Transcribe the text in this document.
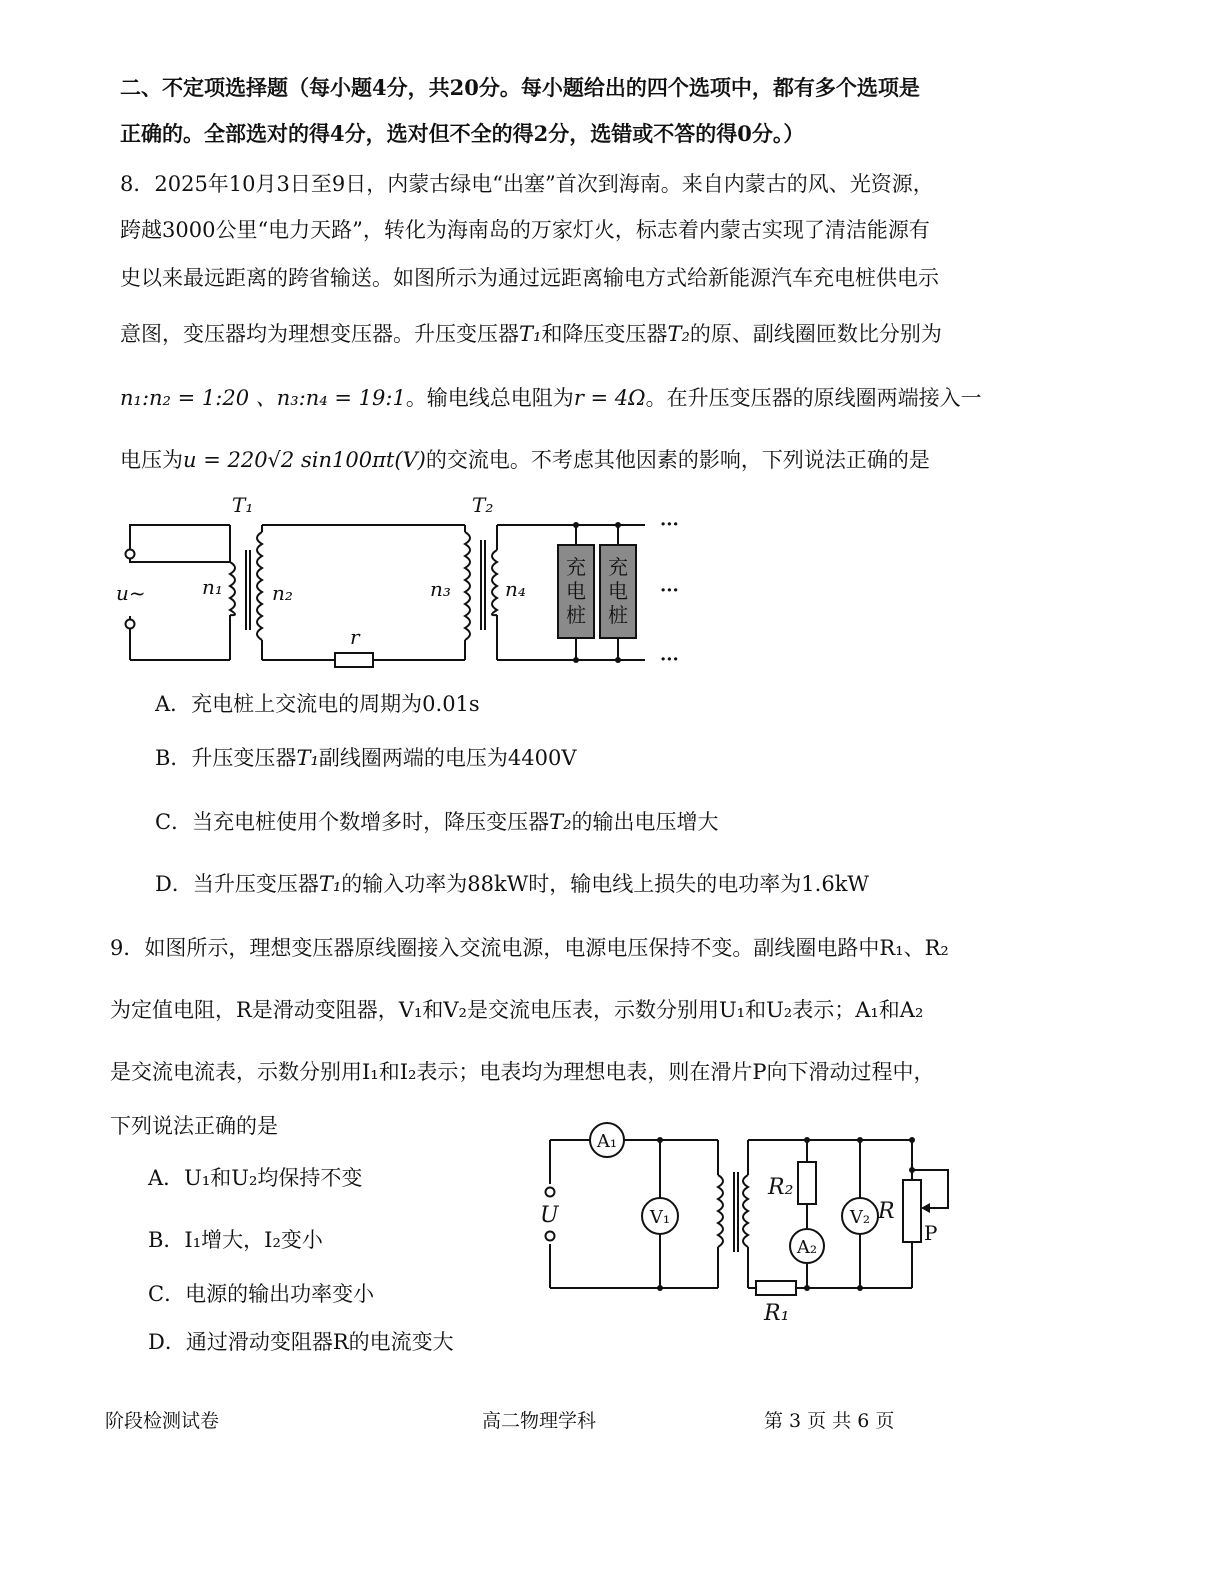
二、不定项选择题（每小题4分，共20分。每小题给出的四个选项中，都有多个选项是
正确的。全部选对的得4分，选对但不全的得2分，选错或不答的得0分。）
8．2025年10月3日至9日，内蒙古绿电“出塞”首次到海南。来自内蒙古的风、光资源，
跨越3000公里“电力天路”，转化为海南岛的万家灯火，标志着内蒙古实现了清洁能源有
史以来最远距离的跨省输送。如图所示为通过远距离输电方式给新能源汽车充电桩供电示
意图，变压器均为理想变压器。升压变压器T₁和降压变压器T₂的原、副线圈匝数比分别为
n₁:n₂ = 1:20 、n₃:n₄ = 19:1。输电线总电阻为r = 4Ω。在升压变压器的原线圈两端接入一
电压为u = 220√2 sin100πt(V)的交流电。不考虑其他因素的影响，下列说法正确的是
充
电
桩
充
电
桩
T₁	T₂
u~	n₁ n₂	n₃	n₄
r
···
···
···
A．充电桩上交流电的周期为0.01s
B．升压变压器T₁副线圈两端的电压为4400V
C．当充电桩使用个数增多时，降压变压器T₂的输出电压增大
D．当升压变压器T₁的输入功率为88kW时，输电线上损失的电功率为1.6kW
9．如图所示，理想变压器原线圈接入交流电源，电源电压保持不变。副线圈电路中R₁、R₂
为定值电阻，R是滑动变阻器，V₁和V₂是交流电压表，示数分别用U₁和U₂表示；A₁和A₂
是交流电流表，示数分别用I₁和I₂表示；电表均为理想电表，则在滑片P向下滑动过程中，
下列说法正确的是
A．U₁和U₂均保持不变
B．I₁增大，I₂变小
C．电源的输出功率变小
D．通过滑动变阻器R的电流变大
A₁
V₁
A₂
V₂
U
R₂
R
R₁
P
阶段检测试卷	高二物理学科	第 3 页 共 6 页
